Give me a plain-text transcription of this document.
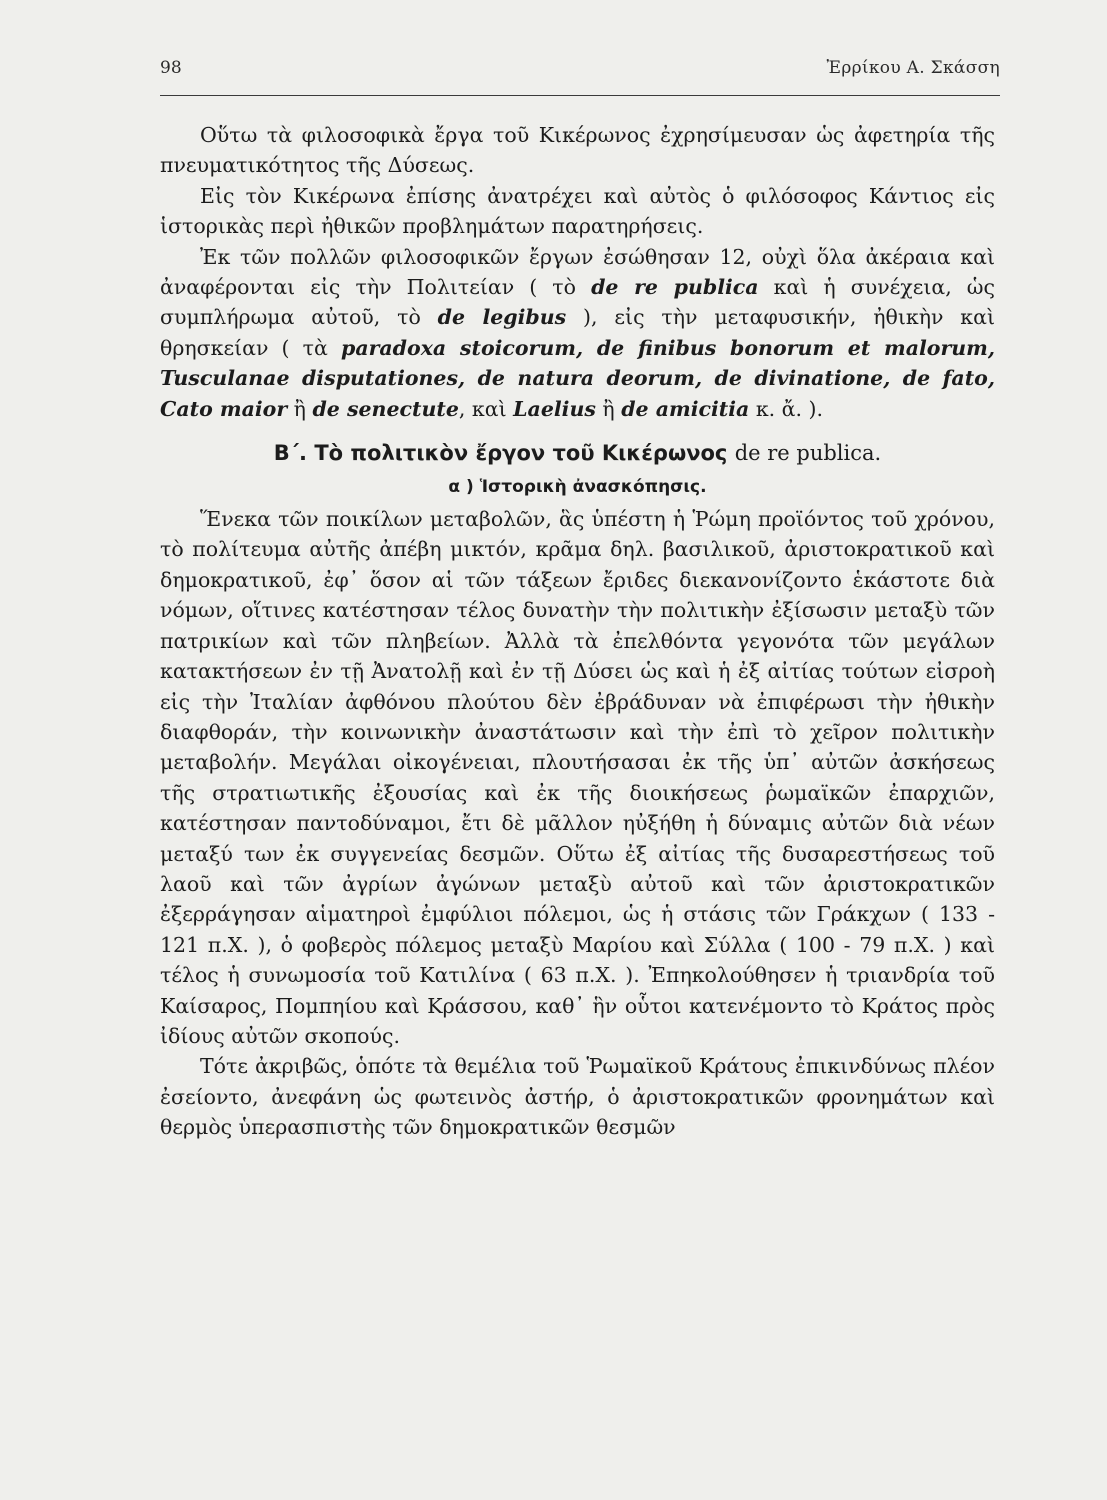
98	Ἐρρίκου Α. Σκάσση

Οὕτω τὰ φιλοσοφικὰ ἔργα τοῦ Κικέρωνος ἐχρησίμευσαν ὡς ἀφετηρία τῆς πνευματικότητος τῆς Δύσεως.

Εἰς τὸν Κικέρωνα ἐπίσης ἀνατρέχει καὶ αὐτὸς ὁ φιλόσοφος Κάντιος εἰς ἱστορικὰς περὶ ἠθικῶν προβλημάτων παρατηρήσεις.

Ἐκ τῶν πολλῶν φιλοσοφικῶν ἔργων ἐσώθησαν 12, οὐχὶ ὅλα ἀκέραια καὶ ἀναφέρονται εἰς τὴν Πολιτείαν ( τὸ de re publica καὶ ἡ συνέχεια, ὡς συμπλήρωμα αὐτοῦ, τὸ de legibus ), εἰς τὴν μεταφυσικήν, ἠθικὴν καὶ θρησκείαν ( τὰ paradoxa stoicorum, de finibus bonorum et malorum, Tusculanae disputationes, de natura deorum, de divinatione, de fato, Cato maior ἢ de senectute, καὶ Laelius ἢ de amicitia κ. ἄ. ).

Β΄. Τὸ πολιτικὸν ἔργον τοῦ Κικέρωνος de re publica.
α ) Ἱστορικὴ ἀνασκόπησις.

Ἕνεκα τῶν ποικίλων μεταβολῶν, ἃς ὑπέστη ἡ Ῥώμη προϊόντος τοῦ χρόνου, τὸ πολίτευμα αὐτῆς ἀπέβη μικτόν, κρᾶμα δηλ. βασιλικοῦ, ἀριστοκρατικοῦ καὶ δημοκρατικοῦ, ἐφ᾽ ὅσον αἱ τῶν τάξεων ἔριδες διεκανονίζοντο ἑκάστοτε διὰ νόμων, οἵτινες κατέστησαν τέλος δυνατὴν τὴν πολιτικὴν ἐξίσωσιν μεταξὺ τῶν πατρικίων καὶ τῶν πληβείων. Ἀλλὰ τὰ ἐπελθόντα γεγονότα τῶν μεγάλων κατακτήσεων ἐν τῇ Ἀνατολῇ καὶ ἐν τῇ Δύσει ὡς καὶ ἡ ἐξ αἰτίας τούτων εἰσροὴ εἰς τὴν Ἰταλίαν ἀφθόνου πλούτου δὲν ἐβράδυναν νὰ ἐπιφέρωσι τὴν ἠθικὴν διαφθοράν, τὴν κοινωνικὴν ἀναστάτωσιν καὶ τὴν ἐπὶ τὸ χεῖρον πολιτικὴν μεταβολήν. Μεγάλαι οἰκογένειαι, πλουτήσασαι ἐκ τῆς ὑπ᾽ αὐτῶν ἀσκήσεως τῆς στρατιωτικῆς ἐξουσίας καὶ ἐκ τῆς διοικήσεως ῥωμαϊκῶν ἐπαρχιῶν, κατέστησαν παντοδύναμοι, ἔτι δὲ μᾶλλον ηὐξήθη ἡ δύναμις αὐτῶν διὰ νέων μεταξύ των ἐκ συγγενείας δεσμῶν. Οὕτω ἐξ αἰτίας τῆς δυσαρεστήσεως τοῦ λαοῦ καὶ τῶν ἀγρίων ἀγώνων μεταξὺ αὐτοῦ καὶ τῶν ἀριστοκρατικῶν ἐξερράγησαν αἱματηροὶ ἐμφύλιοι πόλεμοι, ὡς ἡ στάσις τῶν Γράκχων ( 133 - 121 π.Χ. ), ὁ φοβερὸς πόλεμος μεταξὺ Μαρίου καὶ Σύλλα ( 100 - 79 π.Χ. ) καὶ τέλος ἡ συνωμοσία τοῦ Κατιλίνα ( 63 π.Χ. ). Ἐπηκολούθησεν ἡ τριανδρία τοῦ Καίσαρος, Πομπηίου καὶ Κράσσου, καθ᾽ ἣν οὗτοι κατενέμοντο τὸ Κράτος πρὸς ἰδίους αὐτῶν σκοπούς.

Τότε ἀκριβῶς, ὁπότε τὰ θεμέλια τοῦ Ῥωμαϊκοῦ Κράτους ἐπικινδύνως πλέον ἐσείοντο, ἀνεφάνη ὡς φωτεινὸς ἀστήρ, ὁ ἀριστοκρατικῶν φρονημάτων καὶ θερμὸς ὑπερασπιστὴς τῶν δημοκρατικῶν θεσμῶν
